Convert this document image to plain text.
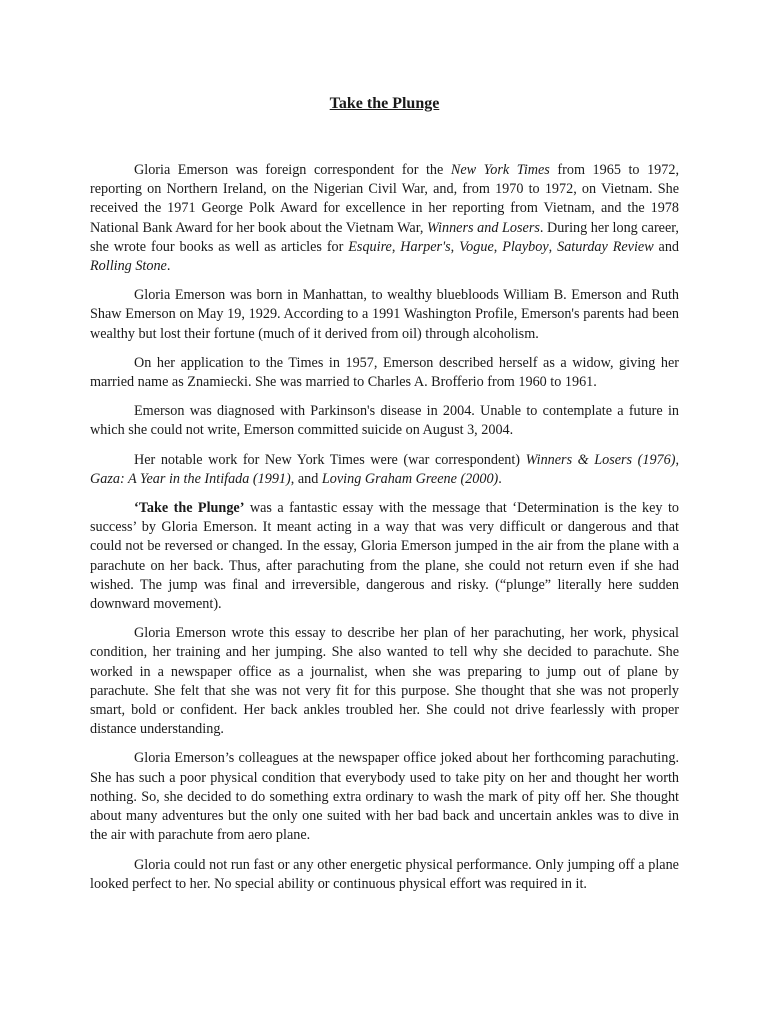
Take the Plunge

Gloria Emerson was foreign correspondent for the New York Times from 1965 to 1972, reporting on Northern Ireland, on the Nigerian Civil War, and, from 1970 to 1972, on Vietnam. She received the 1971 George Polk Award for excellence in her reporting from Vietnam, and the 1978 National Bank Award for her book about the Vietnam War, Winners and Losers. During her long career, she wrote four books as well as articles for Esquire, Harper's, Vogue, Playboy, Saturday Review and Rolling Stone.

Gloria Emerson was born in Manhattan, to wealthy bluebloods William B. Emerson and Ruth Shaw Emerson on May 19, 1929. According to a 1991 Washington Profile, Emerson's parents had been wealthy but lost their fortune (much of it derived from oil) through alcoholism.

On her application to the Times in 1957, Emerson described herself as a widow, giving her married name as Znamiecki. She was married to Charles A. Brofferio from 1960 to 1961.

Emerson was diagnosed with Parkinson's disease in 2004. Unable to contemplate a future in which she could not write, Emerson committed suicide on August 3, 2004.

Her notable work for New York Times were (war correspondent) Winners & Losers (1976), Gaza: A Year in the Intifada (1991), and Loving Graham Greene (2000).

‘Take the Plunge’ was a fantastic essay with the message that ‘Determination is the key to success’ by Gloria Emerson. It meant acting in a way that was very difficult or dangerous and that could not be reversed or changed. In the essay, Gloria Emerson jumped in the air from the plane with a parachute on her back. Thus, after parachuting from the plane, she could not return even if she had wished. The jump was final and irreversible, dangerous and risky. (“plunge” literally here sudden downward movement).

Gloria Emerson wrote this essay to describe her plan of her parachuting, her work, physical condition, her training and her jumping. She also wanted to tell why she decided to parachute. She worked in a newspaper office as a journalist, when she was preparing to jump out of plane by parachute. She felt that she was not very fit for this purpose. She thought that she was not properly smart, bold or confident. Her back ankles troubled her. She could not drive fearlessly with proper distance understanding.

Gloria Emerson’s colleagues at the newspaper office joked about her forthcoming parachuting. She has such a poor physical condition that everybody used to take pity on her and thought her worth nothing. So, she decided to do something extra ordinary to wash the mark of pity off her. She thought about many adventures but the only one suited with her bad back and uncertain ankles was to dive in the air with parachute from aero plane.

Gloria could not run fast or any other energetic physical performance. Only jumping off a plane looked perfect to her. No special ability or continuous physical effort was required in it.
